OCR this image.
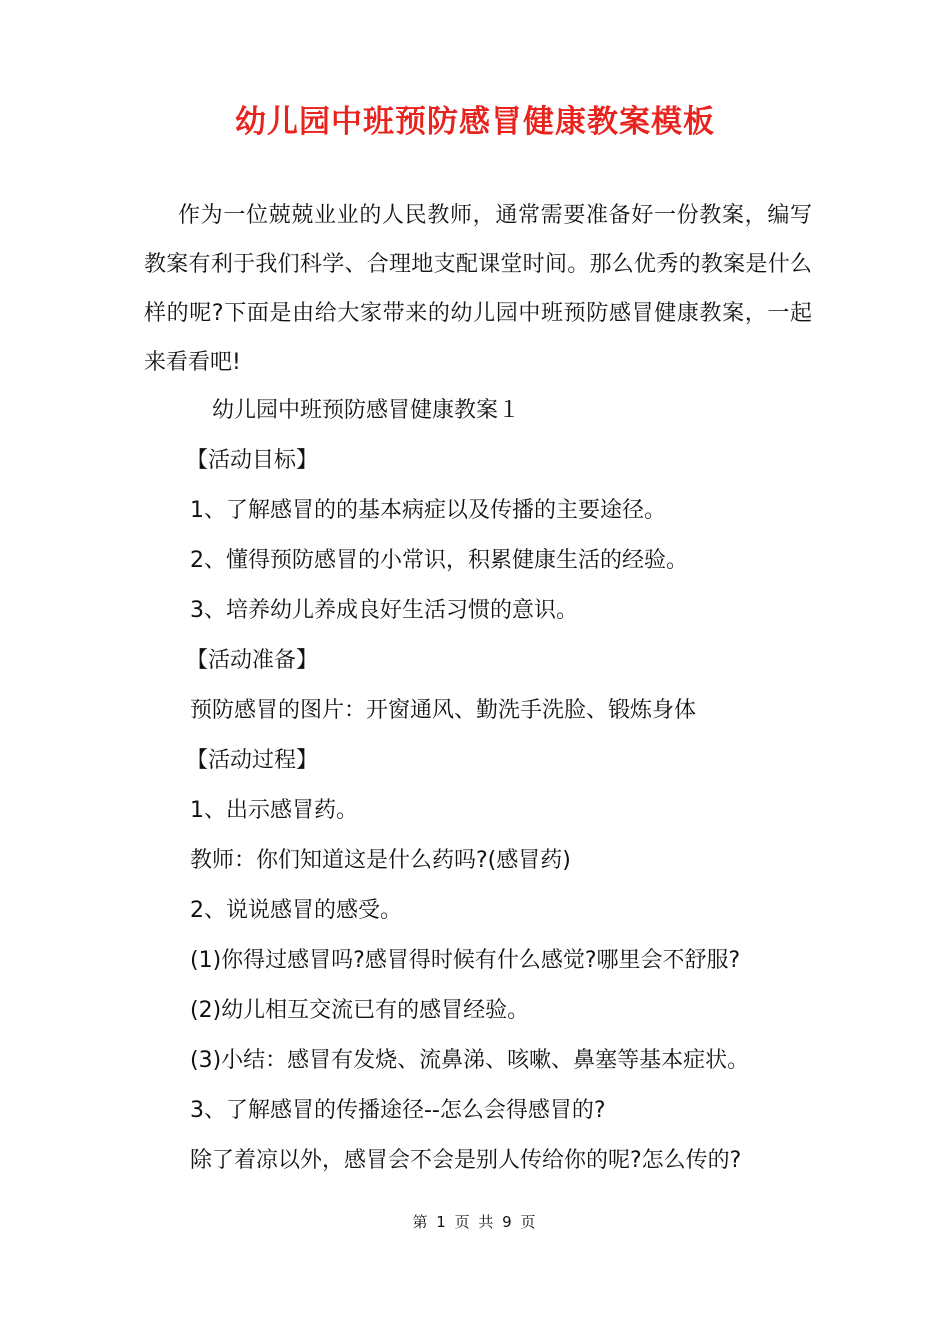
幼儿园中班预防感冒健康教案模板

作为一位兢兢业业的人民教师，通常需要准备好一份教案，编写教案有利于我们科学、合理地支配课堂时间。那么优秀的教案是什么样的呢?下面是由给大家带来的幼儿园中班预防感冒健康教案，一起来看看吧!

幼儿园中班预防感冒健康教案１

【活动目标】

1、了解感冒的的基本病症以及传播的主要途径。

2、懂得预防感冒的小常识，积累健康生活的经验。

3、培养幼儿养成良好生活习惯的意识。

【活动准备】

预防感冒的图片：开窗通风、勤洗手洗脸、锻炼身体

【活动过程】

1、出示感冒药。

教师：你们知道这是什么药吗?(感冒药)

2、说说感冒的感受。

(1)你得过感冒吗?感冒得时候有什么感觉?哪里会不舒服?

(2)幼儿相互交流已有的感冒经验。

(3)小结：感冒有发烧、流鼻涕、咳嗽、鼻塞等基本症状。

3、了解感冒的传播途径--怎么会得感冒的?

除了着凉以外，感冒会不会是别人传给你的呢?怎么传的?

第 1 页 共 9 页
